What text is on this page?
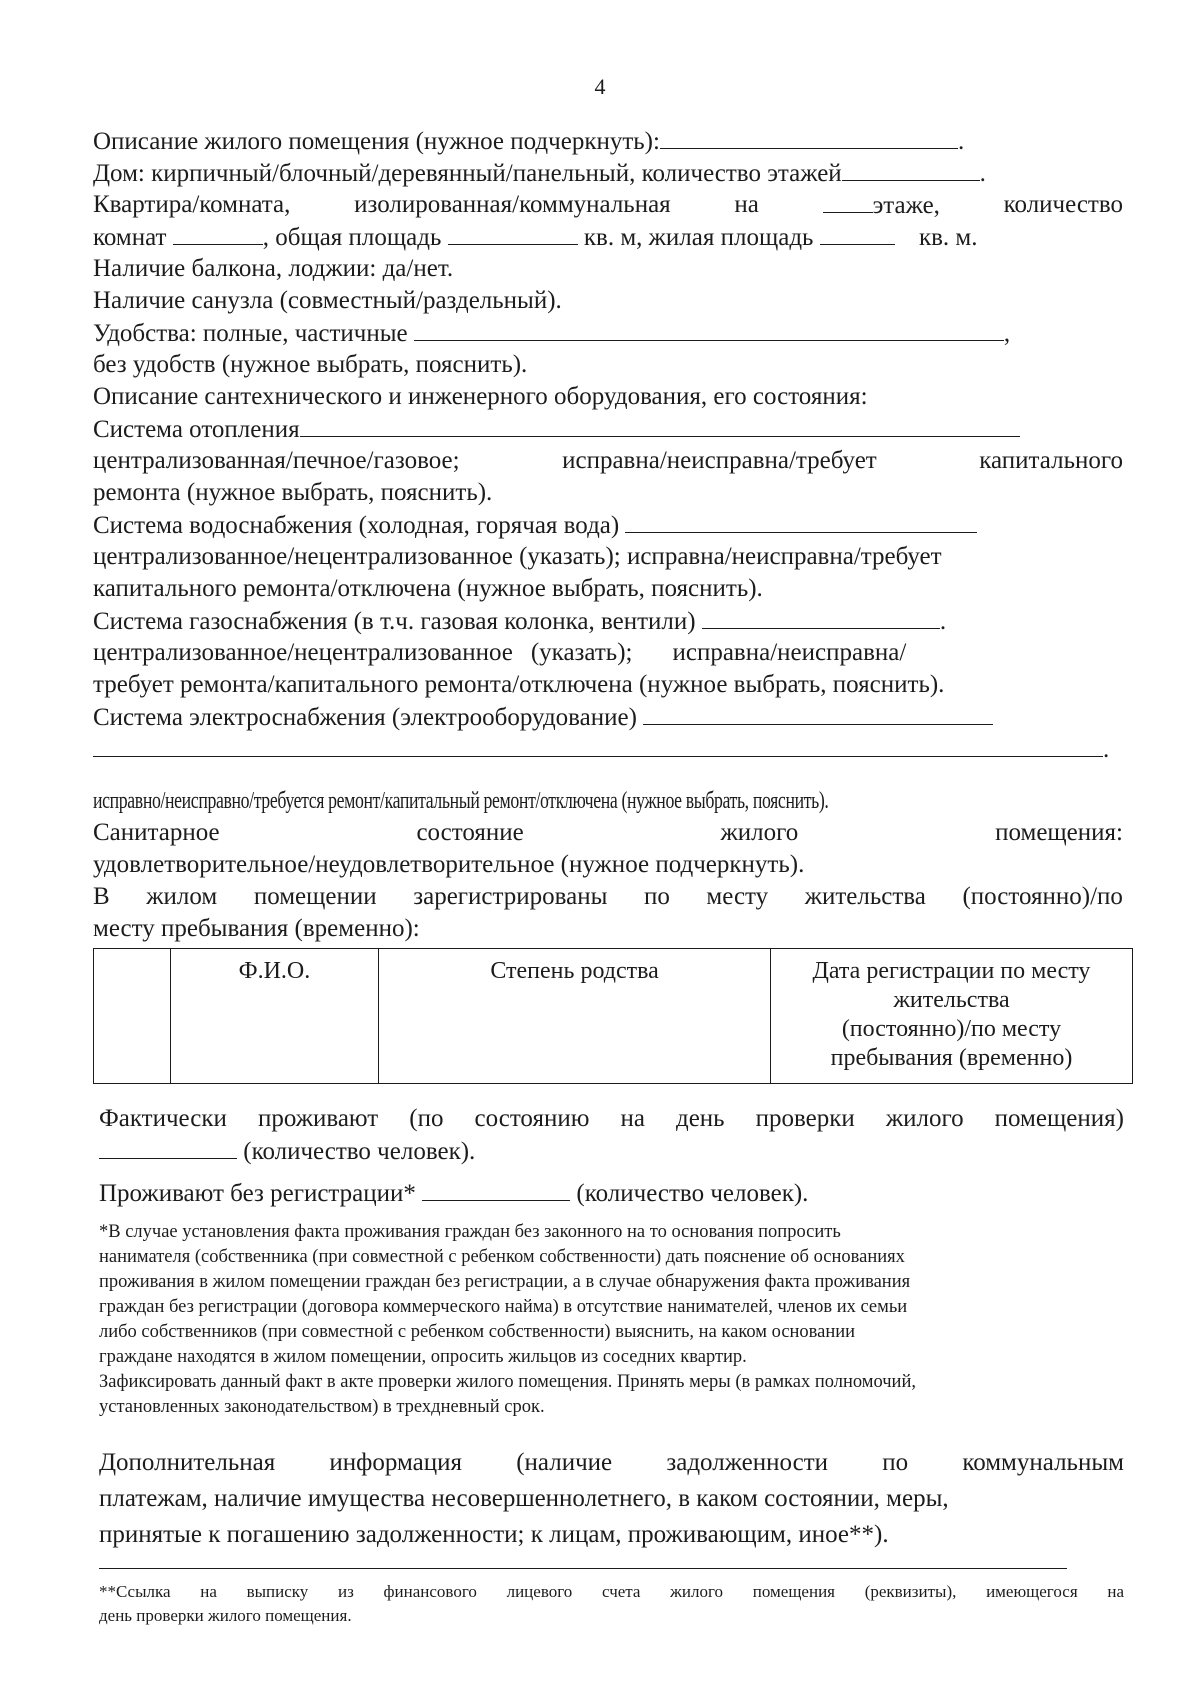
4
Описание жилого помещения (нужное подчеркнуть):	.
Дом: кирпичный/блочный/деревянный/панельный, количество этажей	.
Квартира/комната,	изолированная/коммунальная	на	этаже,	количество
комнат	, общая площадь	кв. м, жилая площадь	кв. м.
Наличие балкона, лоджии: да/нет.
Наличие санузла (совместный/раздельный).
Удобства: полные, частичные	,
без удобств (нужное выбрать, пояснить).
Описание сантехнического и инженерного оборудования, его состояния:
Система отопления
централизованная/печное/газовое;	исправна/неисправна/требует	капитального
ремонта (нужное выбрать, пояснить).
Система водоснабжения (холодная, горячая вода)
централизованное/нецентрализованное (указать); исправна/неисправна/требует
капитального ремонта/отключена (нужное выбрать, пояснить).
Система газоснабжения (в т.ч. газовая колонка, вентили)	.
централизованное/нецентрализованное (указать); исправна/неисправна/
требует ремонта/капитального ремонта/отключена (нужное выбрать, пояснить).
Система электроснабжения (электрооборудование)
.
исправно/неисправно/требуется ремонт/капитальный ремонт/отключена (нужное выбрать, пояснить).
Санитарное	состояние	жилого	помещения:
удовлетворительное/неудовлетворительное (нужное подчеркнуть).
В жилом помещении зарегистрированы по месту жительства (постоянно)/по
месту пребывания (временно):
	Ф.И.О.	Степень родства	Дата регистрации по месту
жительства
(постоянно)/по месту
пребывания (временно)
Фактически проживают (по состоянию на день проверки жилого помещения)
(количество человек).
Проживают без регистрации*	(количество человек).
*В случае установления факта проживания граждан без законного на то основания попросить
нанимателя (собственника (при совместной с ребенком собственности) дать пояснение об основаниях
проживания в жилом помещении граждан без регистрации, а в случае обнаружения факта проживания
граждан без регистрации (договора коммерческого найма) в отсутствие нанимателей, членов их семьи
либо собственников (при совместной с ребенком собственности) выяснить, на каком основании
граждане находятся в жилом помещении, опросить жильцов из соседних квартир.
Зафиксировать данный факт в акте проверки жилого помещения. Принять меры (в рамках полномочий,
установленных законодательством) в трехдневный срок.
Дополнительная информация (наличие задолженности по коммунальным
платежам, наличие имущества несовершеннолетнего, в каком состоянии, меры,
принятые к погашению задолженности; к лицам, проживающим, иное**).
**Ссылка на выписку из финансового лицевого счета жилого помещения (реквизиты), имеющегося на
день проверки жилого помещения.
